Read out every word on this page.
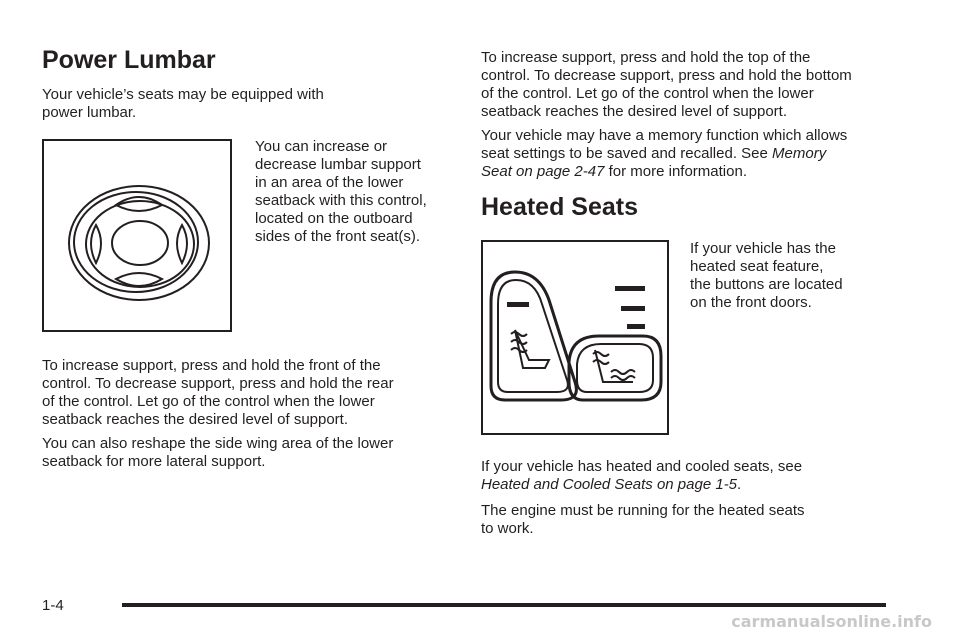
Power Lumbar
Your vehicle’s seats may be equipped with
power lumbar.
You can increase or
decrease lumbar support
in an area of the lower
seatback with this control,
located on the outboard
sides of the front seat(s).
To increase support, press and hold the front of the
control. To decrease support, press and hold the rear
of the control. Let go of the control when the lower
seatback reaches the desired level of support.
You can also reshape the side wing area of the lower
seatback for more lateral support.
To increase support, press and hold the top of the
control. To decrease support, press and hold the bottom
of the control. Let go of the control when the lower
seatback reaches the desired level of support.
Your vehicle may have a memory function which allows
seat settings to be saved and recalled. See Memory
Seat on page 2-47 for more information.
Heated Seats
If your vehicle has the
heated seat feature,
the buttons are located
on the front doors.
If your vehicle has heated and cooled seats, see
Heated and Cooled Seats on page 1-5.
The engine must be running for the heated seats
to work.
1-4
carmanualsonline.info
